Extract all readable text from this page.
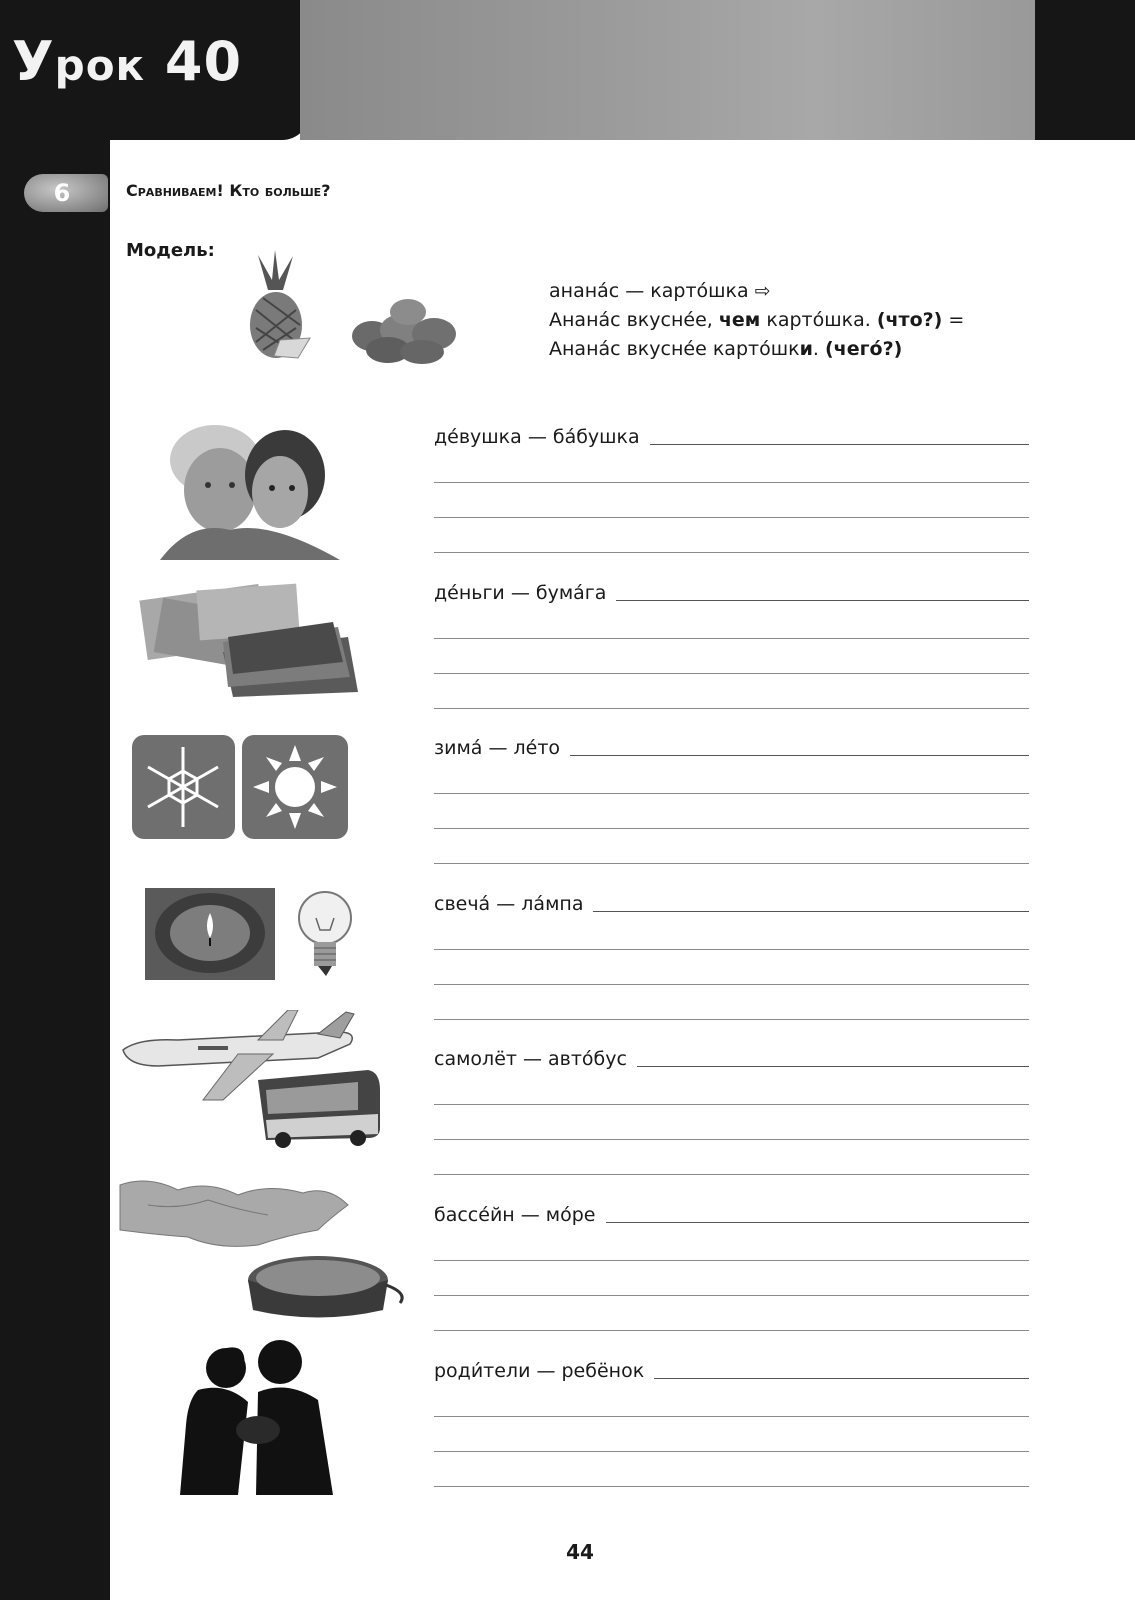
Урок 40
6	Сравниваем! Кто больше?

Модель:

ананáс — картóшка ⇨
Ананáс вкуснée, чем картóшка. (что?) =
Ананáс вкуснée картóшки. (чегó?)
дéвушка — бáбушка
дéньги — бумáга
зимá — лéто
свечá — лáмпа
самолёт — автóбус
бассéйн — мóре
роди́тели — ребёнок
44
